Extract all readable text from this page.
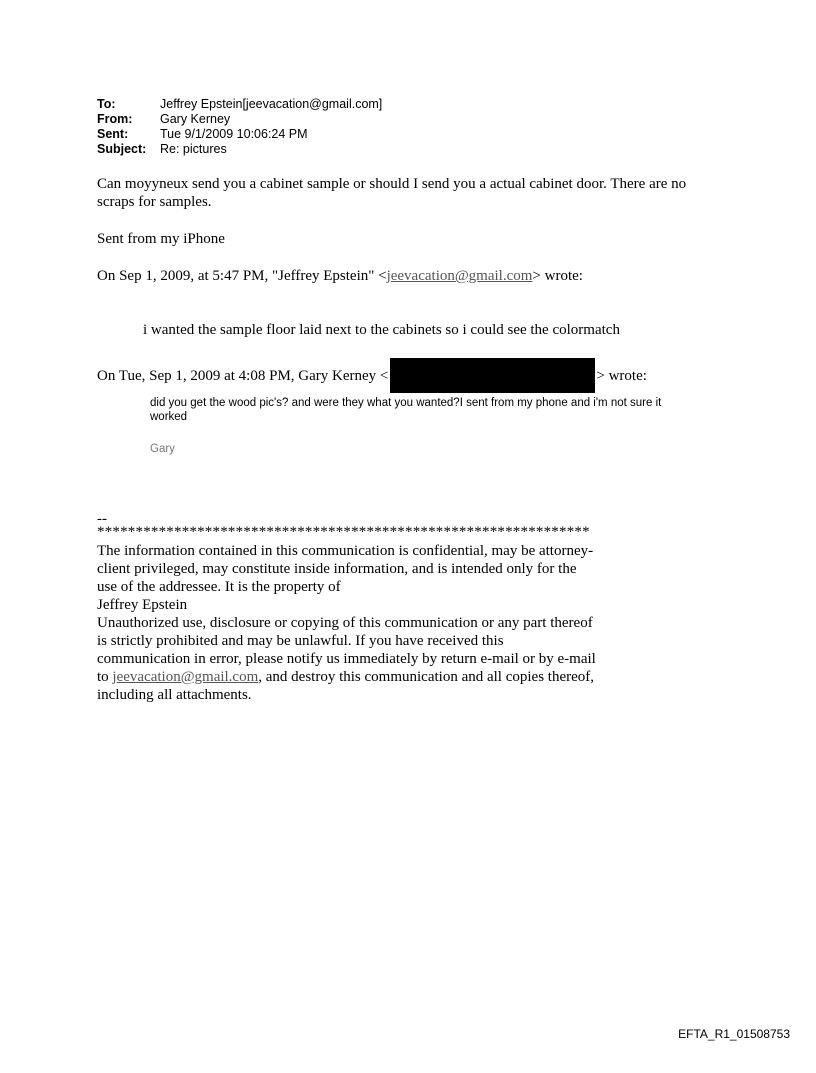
To:	Jeffrey Epstein[jeevacation@gmail.com]
From:	Gary Kerney
Sent:	Tue 9/1/2009 10:06:24 PM
Subject:	Re: pictures
Can moyyneux send you a cabinet sample or should I send you a actual cabinet door. There are no scraps for samples.
Sent from my iPhone
On Sep 1, 2009, at 5:47 PM, "Jeffrey Epstein" <jeevacation@gmail.com> wrote:
i wanted the sample floor laid next to the cabinets so i could see the colormatch
On Tue, Sep 1, 2009 at 4:08 PM, Gary Kerney <	> wrote:
did you get the wood pic's? and were they what you wanted?I sent from my phone and i'm not sure it worked
Gary
--
****************************************************************
The information contained in this communication is confidential, may be attorney-client privileged, may constitute inside information, and is intended only for the use of the addressee. It is the property of
Jeffrey Epstein
Unauthorized use, disclosure or copying of this communication or any part thereof is strictly prohibited and may be unlawful. If you have received this communication in error, please notify us immediately by return e-mail or by e-mail to jeevacation@gmail.com, and destroy this communication and all copies thereof, including all attachments.
EFTA_R1_01508753
